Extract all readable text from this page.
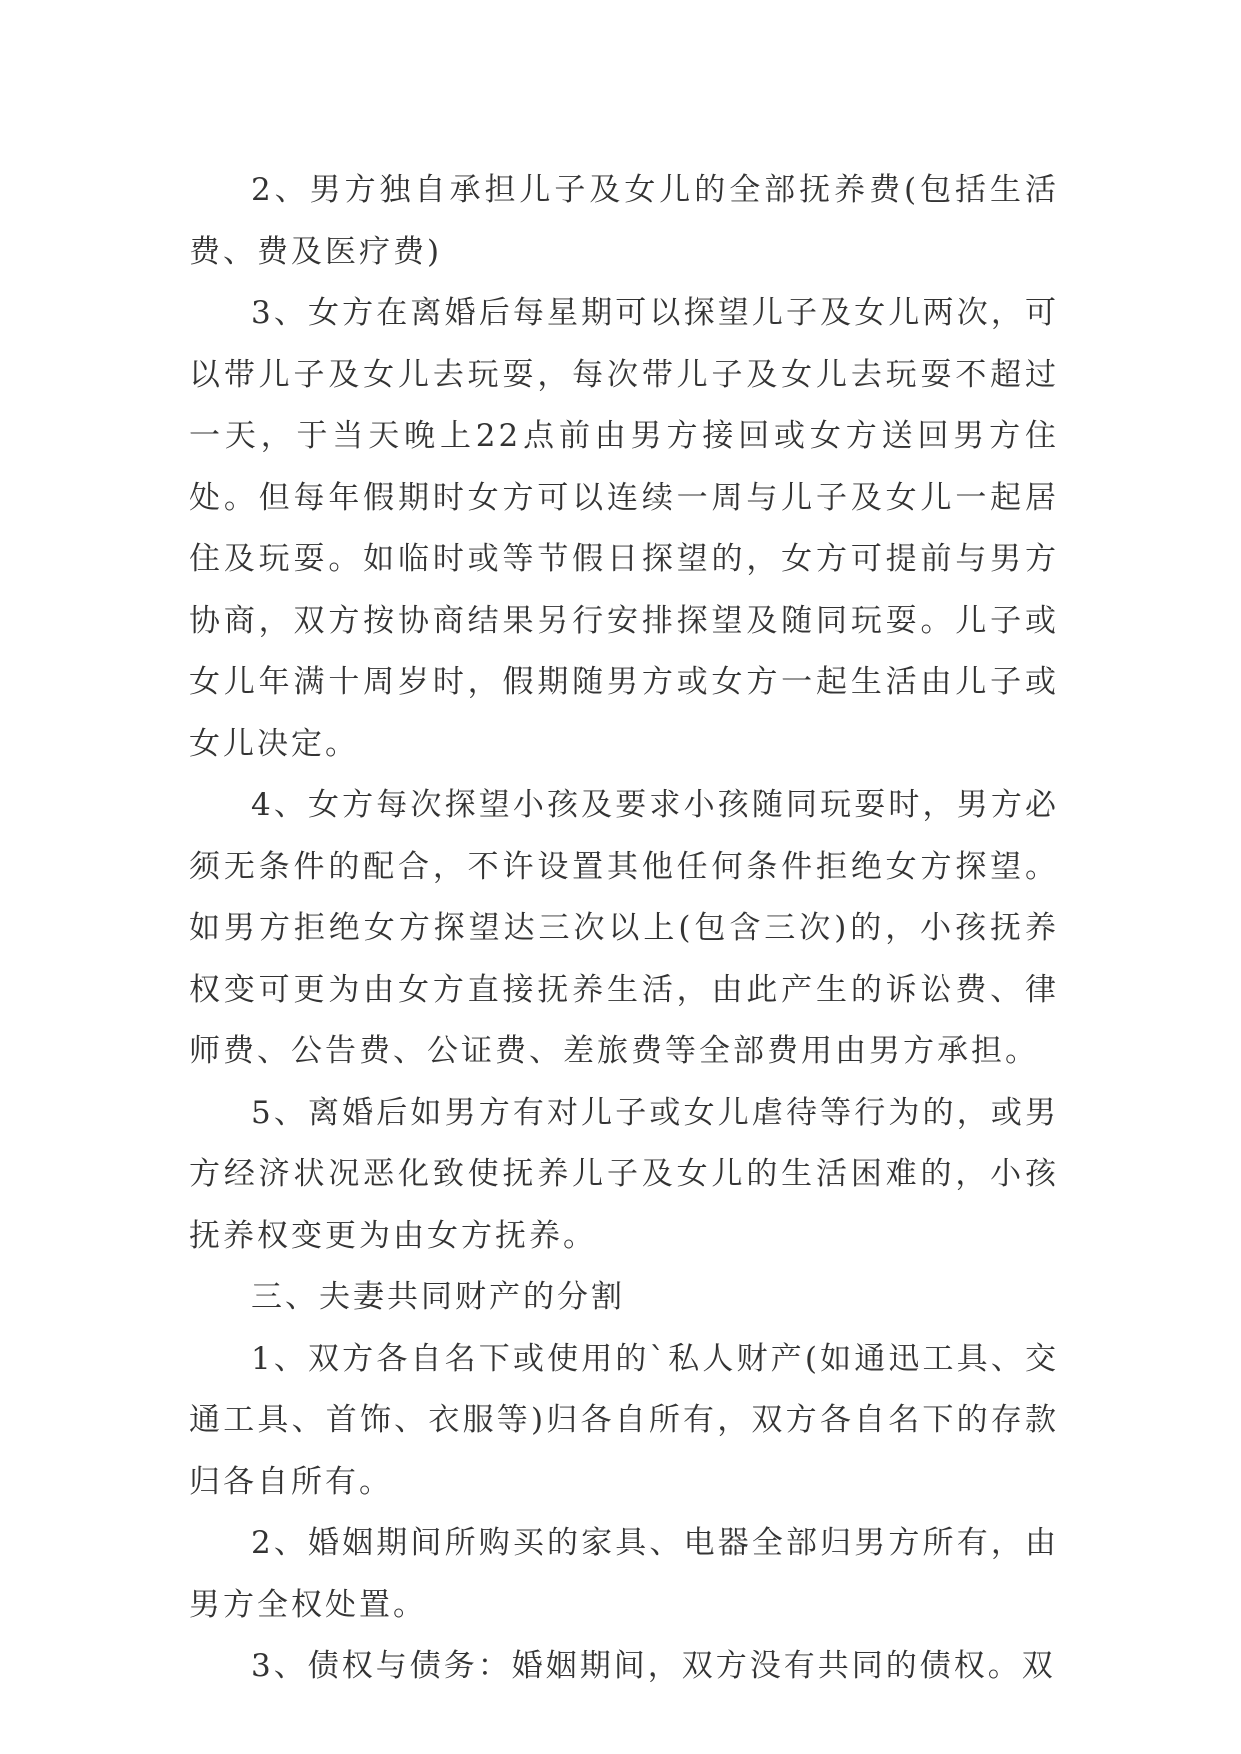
2、男方独自承担儿子及女儿的全部抚养费(包括生活费、费及医疗费)

3、女方在离婚后每星期可以探望儿子及女儿两次，可以带儿子及女儿去玩耍，每次带儿子及女儿去玩耍不超过一天，于当天晚上22点前由男方接回或女方送回男方住处。但每年假期时女方可以连续一周与儿子及女儿一起居住及玩耍。如临时或等节假日探望的，女方可提前与男方协商，双方按协商结果另行安排探望及随同玩耍。儿子或女儿年满十周岁时，假期随男方或女方一起生活由儿子或女儿决定。

4、女方每次探望小孩及要求小孩随同玩耍时，男方必须无条件的配合，不许设置其他任何条件拒绝女方探望。如男方拒绝女方探望达三次以上(包含三次)的，小孩抚养权变可更为由女方直接抚养生活，由此产生的诉讼费、律师费、公告费、公证费、差旅费等全部费用由男方承担。

5、离婚后如男方有对儿子或女儿虐待等行为的，或男方经济状况恶化致使抚养儿子及女儿的生活困难的，小孩抚养权变更为由女方抚养。

三、夫妻共同财产的分割

1、双方各自名下或使用的`私人财产(如通迅工具、交通工具、首饰、衣服等)归各自所有，双方各自名下的存款归各自所有。

2、婚姻期间所购买的家具、电器全部归男方所有，由男方全权处置。

3、债权与债务：婚姻期间，双方没有共同的债权。双
